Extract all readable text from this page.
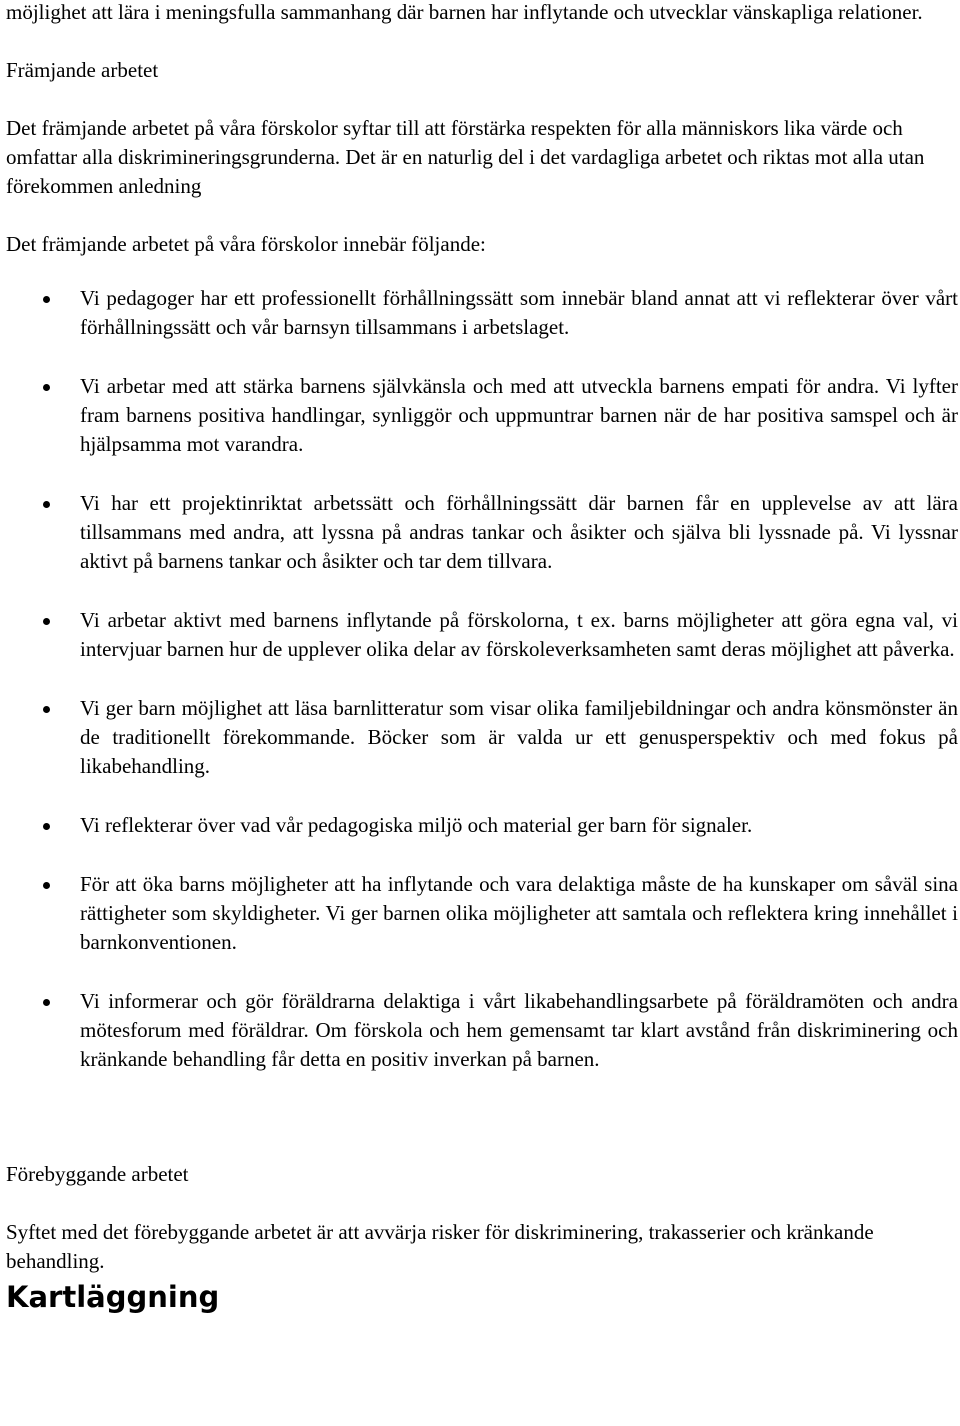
möjlighet att lära i meningsfulla sammanhang där barnen har inflytande och utvecklar vänskapliga relationer.

Främjande arbetet

Det främjande arbetet på våra förskolor syftar till att förstärka respekten för alla människors lika värde och omfattar alla diskrimineringsgrunderna. Det är en naturlig del i det vardagliga arbetet och riktas mot alla utan förekommen anledning

Det främjande arbetet på våra förskolor innebär följande:

Vi pedagoger har ett professionellt förhållningssätt som innebär bland annat att vi reflekterar över vårt förhållningssätt och vår barnsyn tillsammans i arbetslaget.
Vi arbetar med att stärka barnens självkänsla och med att utveckla barnens empati för andra. Vi lyfter fram barnens positiva handlingar, synliggör och uppmuntrar barnen när de har positiva samspel och är hjälpsamma mot varandra.
Vi har ett projektinriktat arbetssätt och förhållningssätt där barnen får en upplevelse av att lära tillsammans med andra, att lyssna på andras tankar och åsikter och själva bli lyssnade på. Vi lyssnar aktivt på barnens tankar och åsikter och tar dem tillvara.
Vi arbetar aktivt med barnens inflytande på förskolorna, t ex. barns möjligheter att göra egna val, vi intervjuar barnen hur de upplever olika delar av förskoleverksamheten samt deras möjlighet att påverka.
Vi ger barn möjlighet att läsa barnlitteratur som visar olika familjebildningar och andra könsmönster än de traditionellt förekommande. Böcker som är valda ur ett genusperspektiv och med fokus på likabehandling.
Vi reflekterar över vad vår pedagogiska miljö och material ger barn för signaler.
För att öka barns möjligheter att ha inflytande och vara delaktiga måste de ha kunskaper om såväl sina rättigheter som skyldigheter. Vi ger barnen olika möjligheter att samtala och reflektera kring innehållet i barnkonventionen.
Vi informerar och gör föräldrarna delaktiga i vårt likabehandlingsarbete på föräldramöten och andra mötesforum med föräldrar. Om förskola och hem gemensamt tar klart avstånd från diskriminering och kränkande behandling får detta en positiv inverkan på barnen.

Förebyggande arbetet

Syftet med det förebyggande arbetet är att avvärja risker för diskriminering, trakasserier och kränkande behandling.

Kartläggning
